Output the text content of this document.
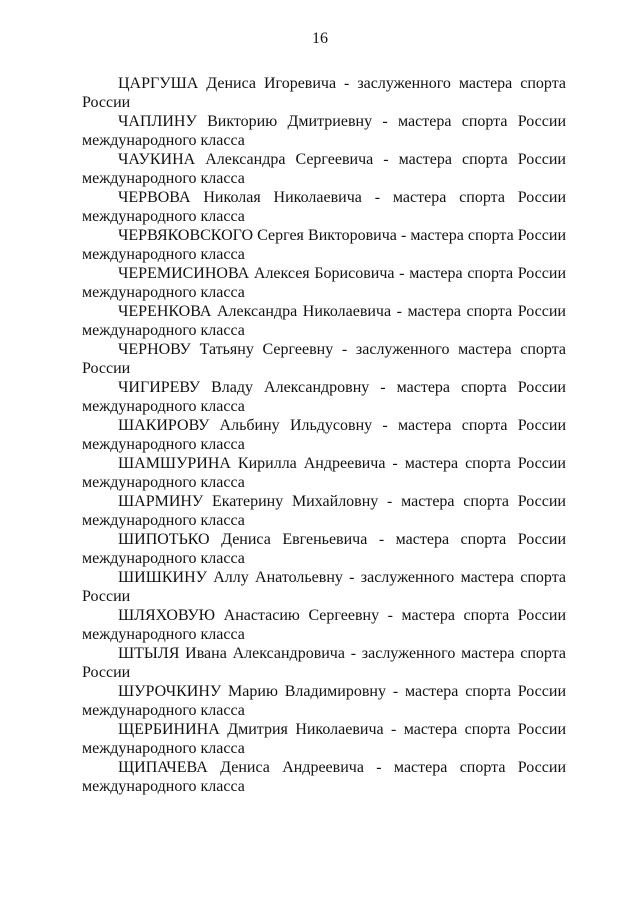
16

ЦАРГУША Дениса Игоревича - заслуженного мастера спорта России

ЧАПЛИНУ Викторию Дмитриевну - мастера спорта России международного класса

ЧАУКИНА Александра Сергеевича - мастера спорта России международного класса

ЧЕРВОВА Николая Николаевича - мастера спорта России международного класса

ЧЕРВЯКОВСКОГО Сергея Викторовича - мастера спорта России международного класса

ЧЕРЕМИСИНОВА Алексея Борисовича - мастера спорта России международного класса

ЧЕРЕНКОВА Александра Николаевича - мастера спорта России международного класса

ЧЕРНОВУ Татьяну Сергеевну - заслуженного мастера спорта России

ЧИГИРЕВУ Владу Александровну - мастера спорта России международного класса

ШАКИРОВУ Альбину Ильдусовну - мастера спорта России международного класса

ШАМШУРИНА Кирилла Андреевича - мастера спорта России международного класса

ШАРМИНУ Екатерину Михайловну - мастера спорта России международного класса

ШИПОТЬКО Дениса Евгеньевича - мастера спорта России международного класса

ШИШКИНУ Аллу Анатольевну - заслуженного мастера спорта России

ШЛЯХОВУЮ Анастасию Сергеевну - мастера спорта России международного класса

ШТЫЛЯ Ивана Александровича - заслуженного мастера спорта России

ШУРОЧКИНУ Марию Владимировну - мастера спорта России международного класса

ЩЕРБИНИНА Дмитрия Николаевича - мастера спорта России международного класса

ЩИПАЧЕВА Дениса Андреевича - мастера спорта России международного класса
